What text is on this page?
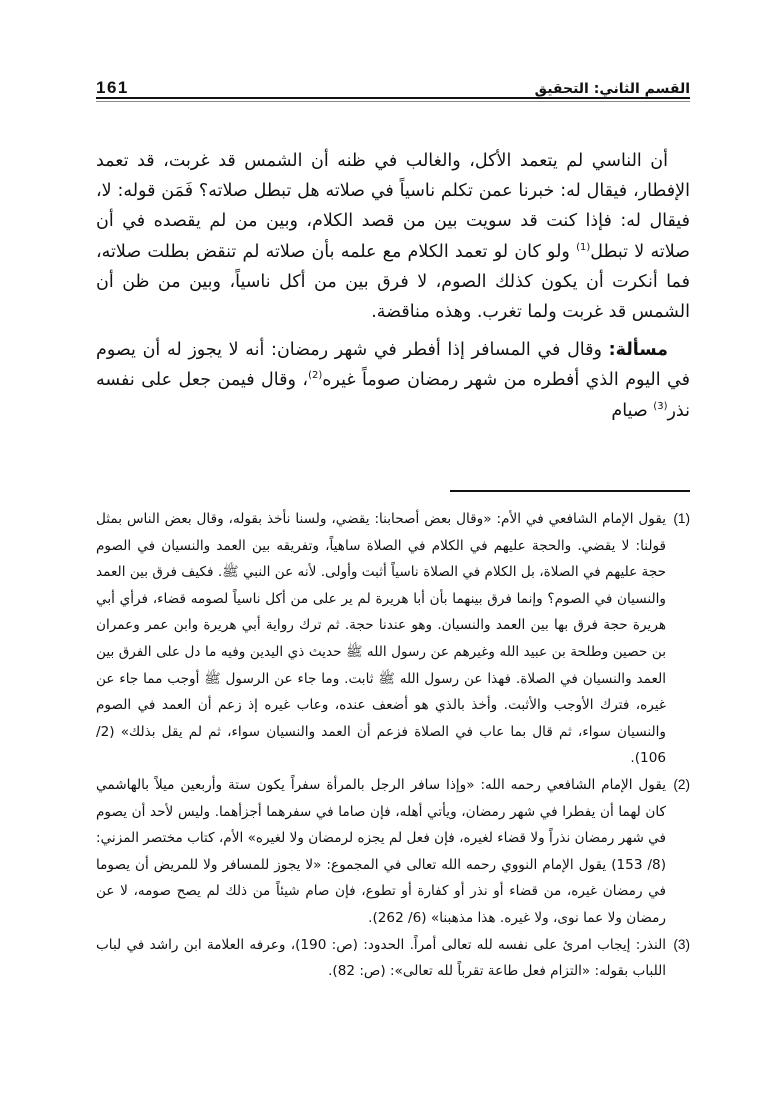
القسم الثاني: التحقيق
161

أن الناسي لم يتعمد الأكل، والغالب في ظنه أن الشمس قد غربت، قد تعمد الإفطار، فيقال له: خبرنا عمن تكلم ناسياً في صلاته هل تبطل صلاته؟ فَمَن قوله: لا، فيقال له: فإذا كنت قد سويت بين من قصد الكلام، وبين من لم يقصده في أن صلاته لا تبطل$^{(1)}$ ولو كان لو تعمد الكلام مع علمه بأن صلاته لم تنقض بطلت صلاته، فما أنكرت أن يكون كذلك الصوم، لا فرق بين من أكل ناسياً، وبين من ظن أن الشمس قد غربت ولما تغرب. وهذه مناقضة.

مسألة: وقال في المسافر إذا أفطر في شهر رمضان: أنه لا يجوز له أن يصوم في اليوم الذي أفطره من شهر رمضان صوماً غيره$^{(2)}$، وقال فيمن جعل على نفسه نذر$^{(3)}$ صيام

(1)
يقول الإمام الشافعي في الأم: «وقال بعض أصحابنا: يقضي، ولسنا نأخذ بقوله، وقال بعض الناس بمثل قولنا: لا يقضي. والحجة عليهم في الكلام في الصلاة ساهياً، وتفريقه بين العمد والنسيان في الصوم حجة عليهم في الصلاة، بل الكلام في الصلاة ناسياً أثبت وأولى. لأنه عن النبي ﷺ. فكيف فرق بين العمد والنسيان في الصوم؟ وإنما فرق بينهما بأن أبا هريرة لم ير على من أكل ناسياً لصومه قضاء، فرأي أبي هريرة حجة فرق بها بين العمد والنسيان. وهو عندنا حجة. ثم ترك رواية أبي هريرة وابن عمر وعمران بن حصين وطلحة بن عبيد الله وغيرهم عن رسول الله ﷺ حديث ذي اليدين وفيه ما دل على الفرق بين العمد والنسيان في الصلاة. فهذا عن رسول الله ﷺ ثابت. وما جاء عن الرسول ﷺ أوجب مما جاء عن غيره، فترك الأوجب والأثبت. وأخذ بالذي هو أضعف عنده، وعاب غيره إذ زعم أن العمد في الصوم والنسيان سواء، ثم قال بما عاب في الصلاة فزعم أن العمد والنسيان سواء، ثم لم يقل بذلك» (2/ 106).

(2)
يقول الإمام الشافعي رحمه الله: «وإذا سافر الرجل بالمرأة سفراً يكون ستة وأربعين ميلاً بالهاشمي كان لهما أن يفطرا في شهر رمضان، ويأتي أهله، فإن صاما في سفرهما أجزأهما. وليس لأحد أن يصوم في شهر رمضان نذراً ولا قضاء لغيره، فإن فعل لم يجزه لرمضان ولا لغيره» الأم، كتاب مختصر المزني: (8/ 153) يقول الإمام النووي رحمه الله تعالى في المجموع: «لا يجوز للمسافر ولا للمريض أن يصوما في رمضان غيره، من قضاء أو نذر أو كفارة أو تطوع، فإن صام شيئاً من ذلك لم يصح صومه، لا عن رمضان ولا عما نوى، ولا غيره. هذا مذهبنا» (6/ 262).

(3)
النذر: إيجاب امرئ على نفسه لله تعالى أمراً. الحدود: (ص: 190)، وعرفه العلامة ابن راشد في لباب اللباب بقوله: «التزام فعل طاعة تقرباً لله تعالى»: (ص: 82).
